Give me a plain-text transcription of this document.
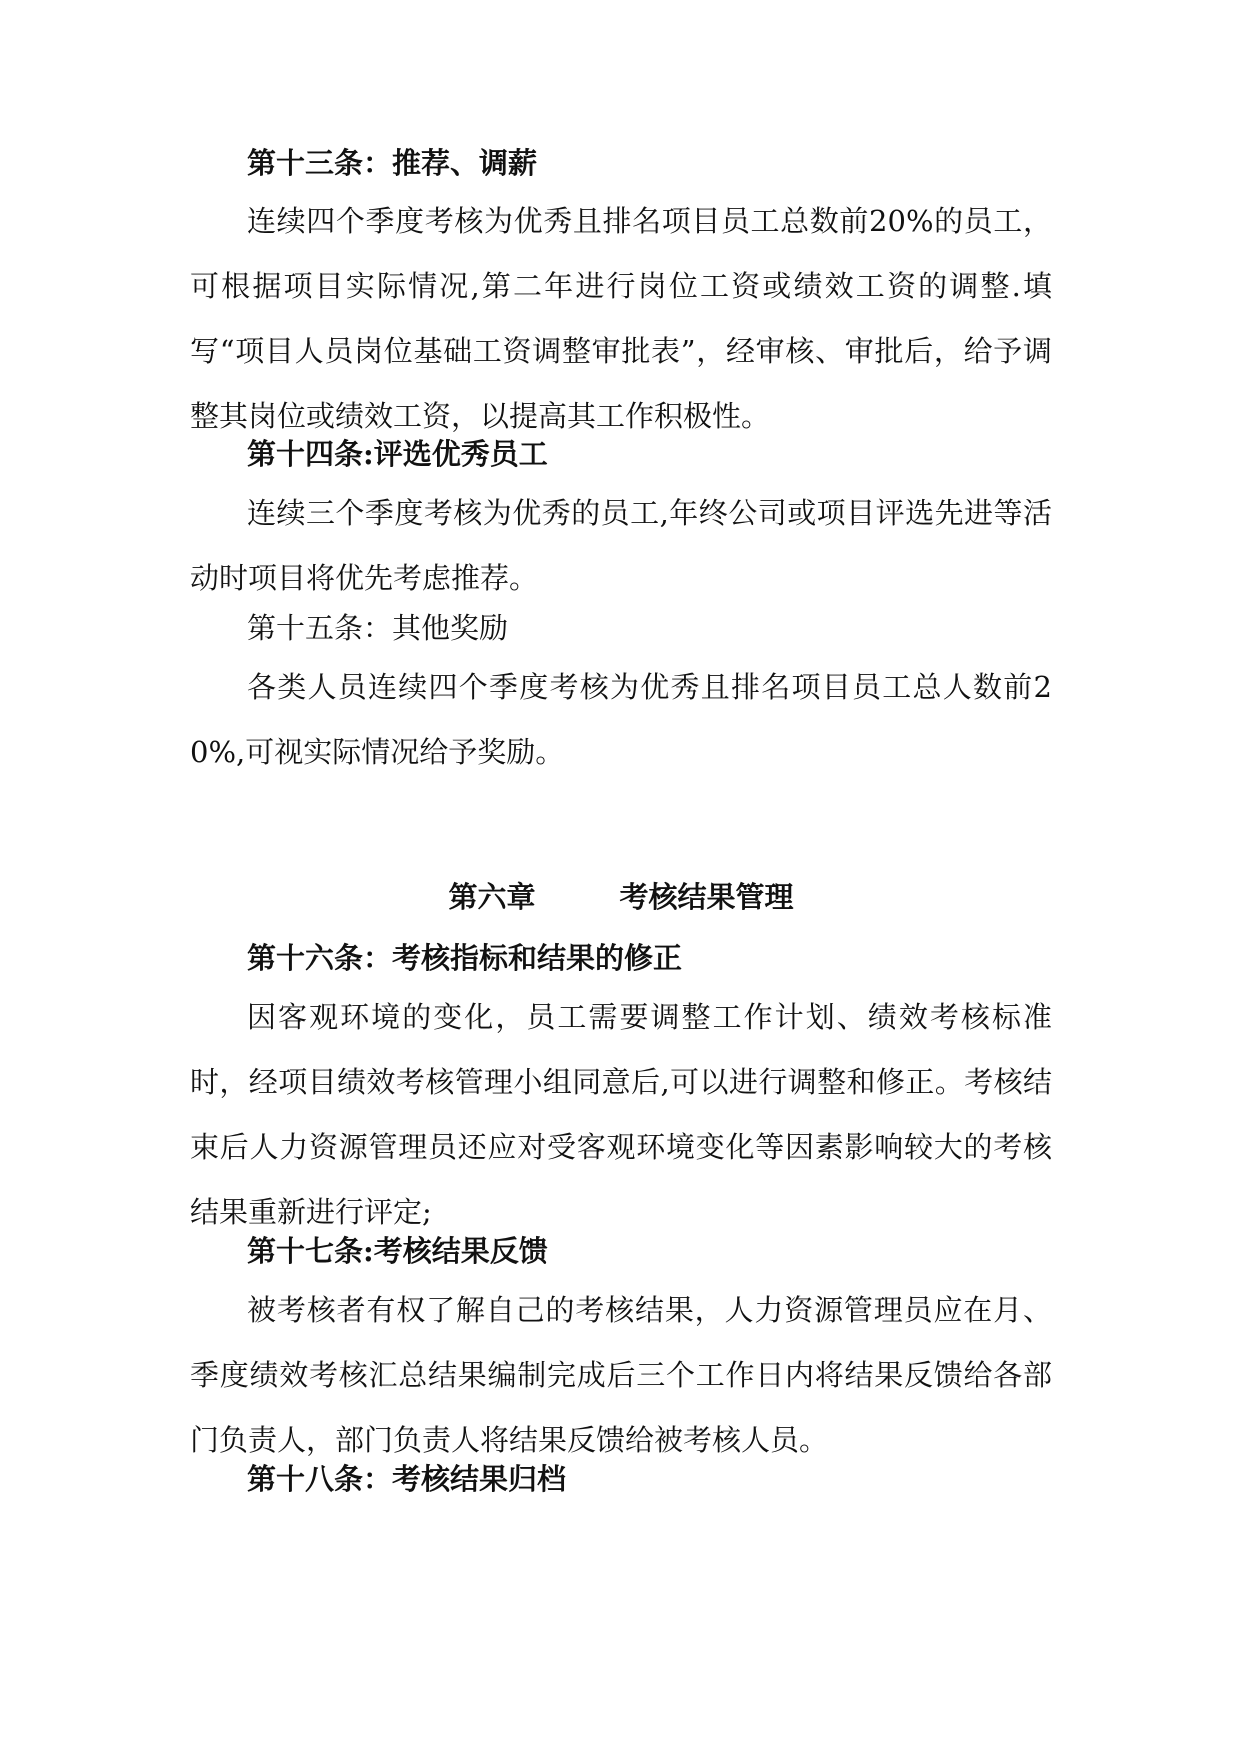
第十三条：推荐、调薪

连续四个季度考核为优秀且排名项目员工总数前20%的员工，可根据项目实际情况,第二年进行岗位工资或绩效工资的调整.填写“项目人员岗位基础工资调整审批表”，经审核、审批后，给予调整其岗位或绩效工资，以提高其工作积极性。

第十四条:评选优秀员工

连续三个季度考核为优秀的员工,年终公司或项目评选先进等活动时项目将优先考虑推荐。

第十五条：其他奖励

各类人员连续四个季度考核为优秀且排名项目员工总人数前20%,可视实际情况给予奖励。

第六章	考核结果管理

第十六条：考核指标和结果的修正

因客观环境的变化，员工需要调整工作计划、绩效考核标准时，经项目绩效考核管理小组同意后,可以进行调整和修正。考核结束后人力资源管理员还应对受客观环境变化等因素影响较大的考核结果重新进行评定;

第十七条:考核结果反馈

被考核者有权了解自己的考核结果，人力资源管理员应在月、季度绩效考核汇总结果编制完成后三个工作日内将结果反馈给各部门负责人，部门负责人将结果反馈给被考核人员。

第十八条：考核结果归档
